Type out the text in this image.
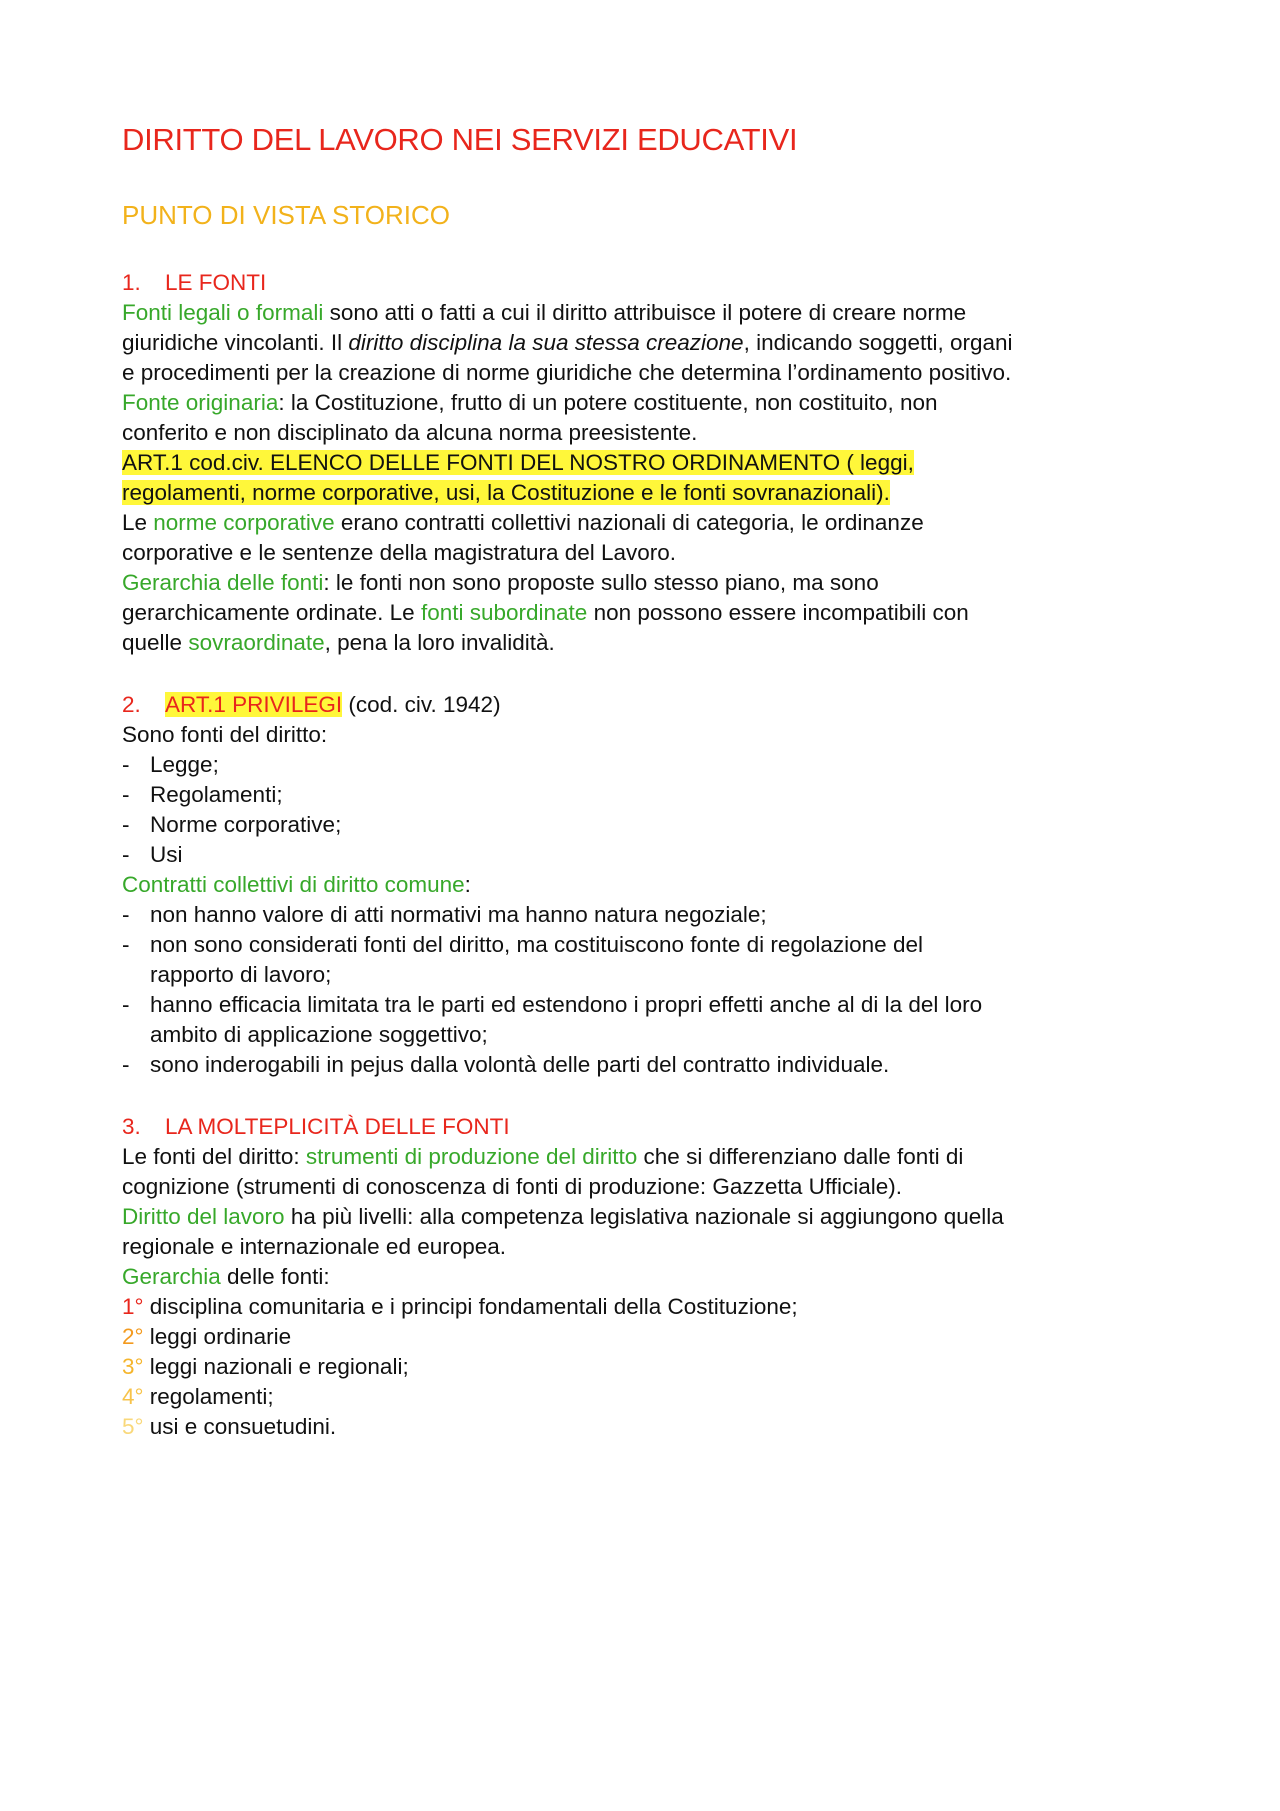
DIRITTO DEL LAVORO NEI SERVIZI EDUCATIVI
PUNTO DI VISTA STORICO
1. LE FONTI
Fonti legali o formali sono atti o fatti a cui il diritto attribuisce il potere di creare norme
giuridiche vincolanti. Il diritto disciplina la sua stessa creazione, indicando soggetti, organi
e procedimenti per la creazione di norme giuridiche che determina l’ordinamento positivo.
Fonte originaria: la Costituzione, frutto di un potere costituente, non costituito, non
conferito e non disciplinato da alcuna norma preesistente.
ART.1 cod.civ. ELENCO DELLE FONTI DEL NOSTRO ORDINAMENTO ( leggi,
regolamenti, norme corporative, usi, la Costituzione e le fonti sovranazionali).
Le norme corporative erano contratti collettivi nazionali di categoria, le ordinanze
corporative e le sentenze della magistratura del Lavoro.
Gerarchia delle fonti: le fonti non sono proposte sullo stesso piano, ma sono
gerarchicamente ordinate. Le fonti subordinate non possono essere incompatibili con
quelle sovraordinate, pena la loro invalidità.
2. ART.1 PRIVILEGI (cod. civ. 1942)
Sono fonti del diritto:
- Legge;
- Regolamenti;
- Norme corporative;
- Usi
Contratti collettivi di diritto comune:
- non hanno valore di atti normativi ma hanno natura negoziale;
- non sono considerati fonti del diritto, ma costituiscono fonte di regolazione del
rapporto di lavoro;
- hanno efficacia limitata tra le parti ed estendono i propri effetti anche al di la del loro
ambito di applicazione soggettivo;
- sono inderogabili in pejus dalla volontà delle parti del contratto individuale.
3. LA MOLTEPLICITÀ DELLE FONTI
Le fonti del diritto: strumenti di produzione del diritto che si differenziano dalle fonti di
cognizione (strumenti di conoscenza di fonti di produzione: Gazzetta Ufficiale).
Diritto del lavoro ha più livelli: alla competenza legislativa nazionale si aggiungono quella
regionale e internazionale ed europea.
Gerarchia delle fonti:
1° disciplina comunitaria e i principi fondamentali della Costituzione;
2° leggi ordinarie
3° leggi nazionali e regionali;
4° regolamenti;
5° usi e consuetudini.
